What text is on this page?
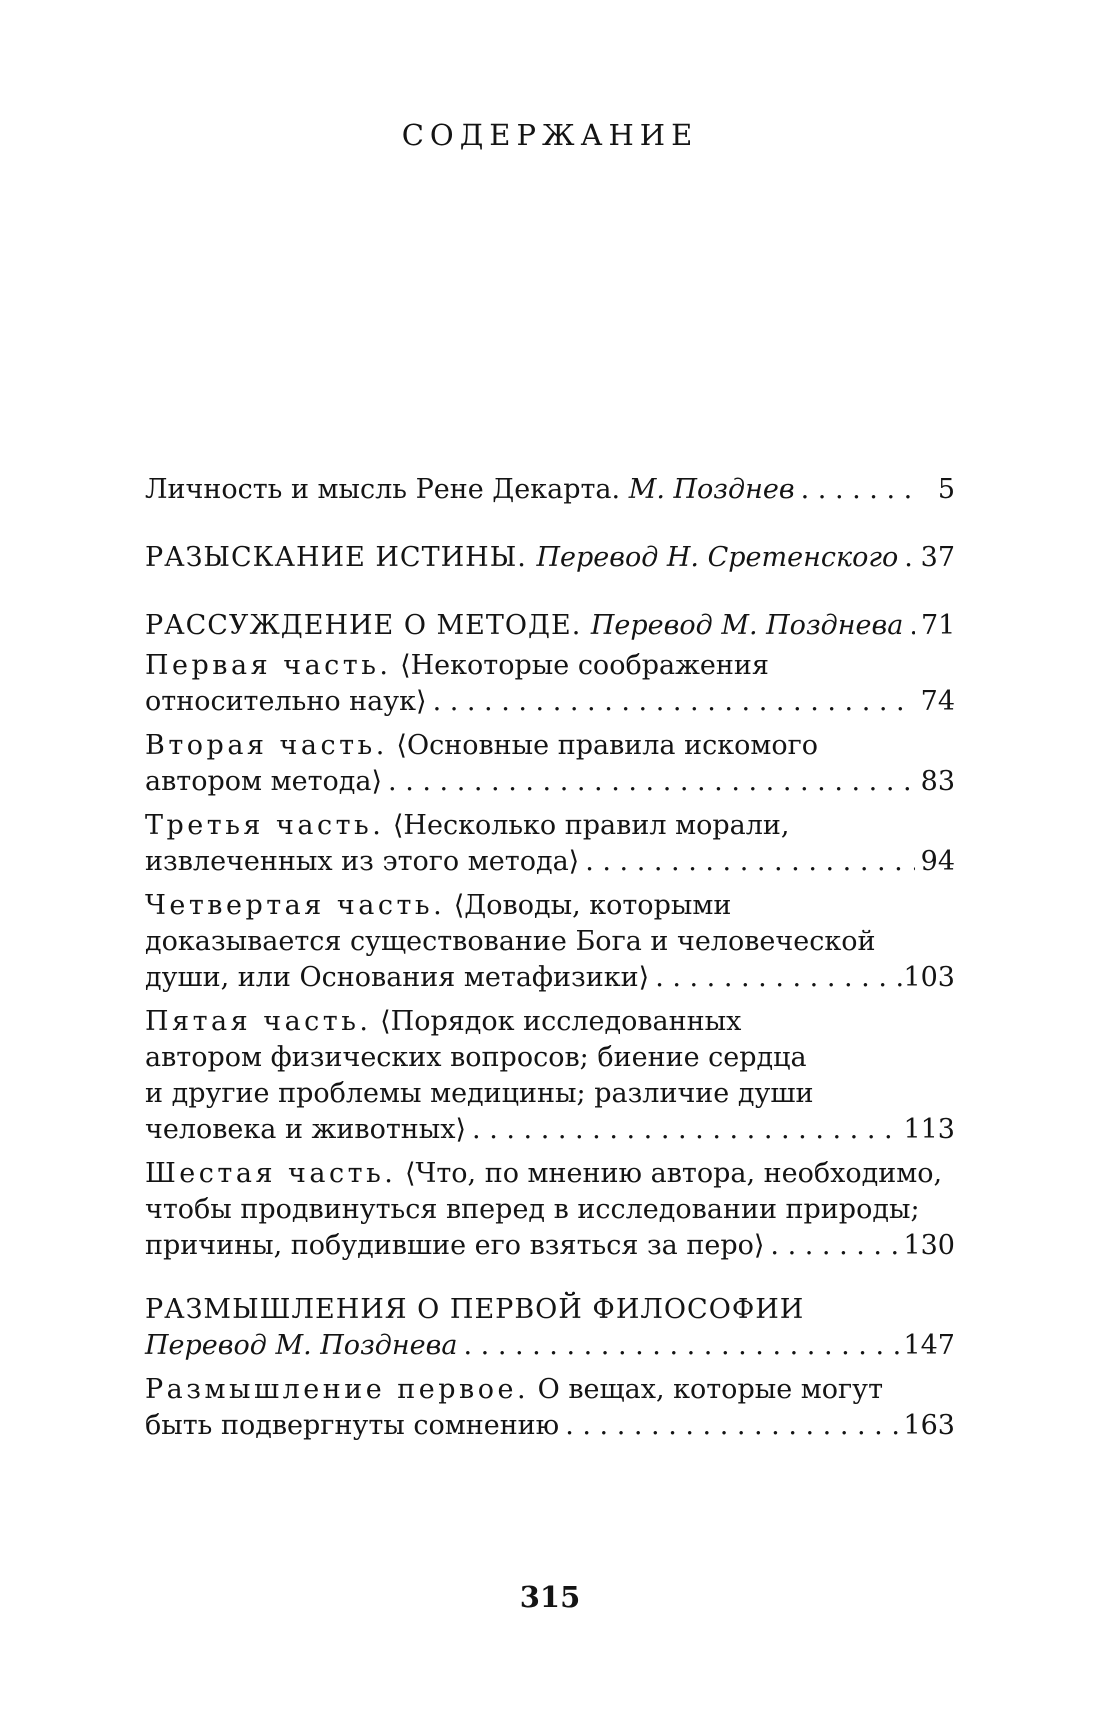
СОДЕРЖАНИЕ
Личность и мысль Рене Декарта. М. Позднев . . .	5
РАЗЫСКАНИЕ ИСТИНЫ. Перевод Н. Сретенского . . . 37
РАССУЖДЕНИЕ О МЕТОДЕ. Перевод М. Позднева . . . 71
Первая часть. ⟨Некоторые соображения
относительно наук⟩ . . .	74
Вторая часть. ⟨Основные правила искомого
автором метода⟩ . . .	83
Третья часть. ⟨Несколько правил морали,
извлеченных из этого метода⟩ . . .	94
Четвертая часть. ⟨Доводы, которыми
доказывается существование Бога и человеческой
души, или Основания метафизики⟩ . . .	103
Пятая часть. ⟨Порядок исследованных
автором физических вопросов; биение сердца
и другие проблемы медицины; различие души
человека и животных⟩ . . .	113
Шестая часть. ⟨Что, по мнению автора, необходимо,
чтобы продвинуться вперед в исследовании природы;
причины, побудившие его взяться за перо⟩ . . .	130
РАЗМЫШЛЕНИЯ О ПЕРВОЙ ФИЛОСОФИИ
Перевод М. Позднева . . .	147
Размышление первое. О вещах, которые могут
быть подвергнуты сомнению . . .	163
315
